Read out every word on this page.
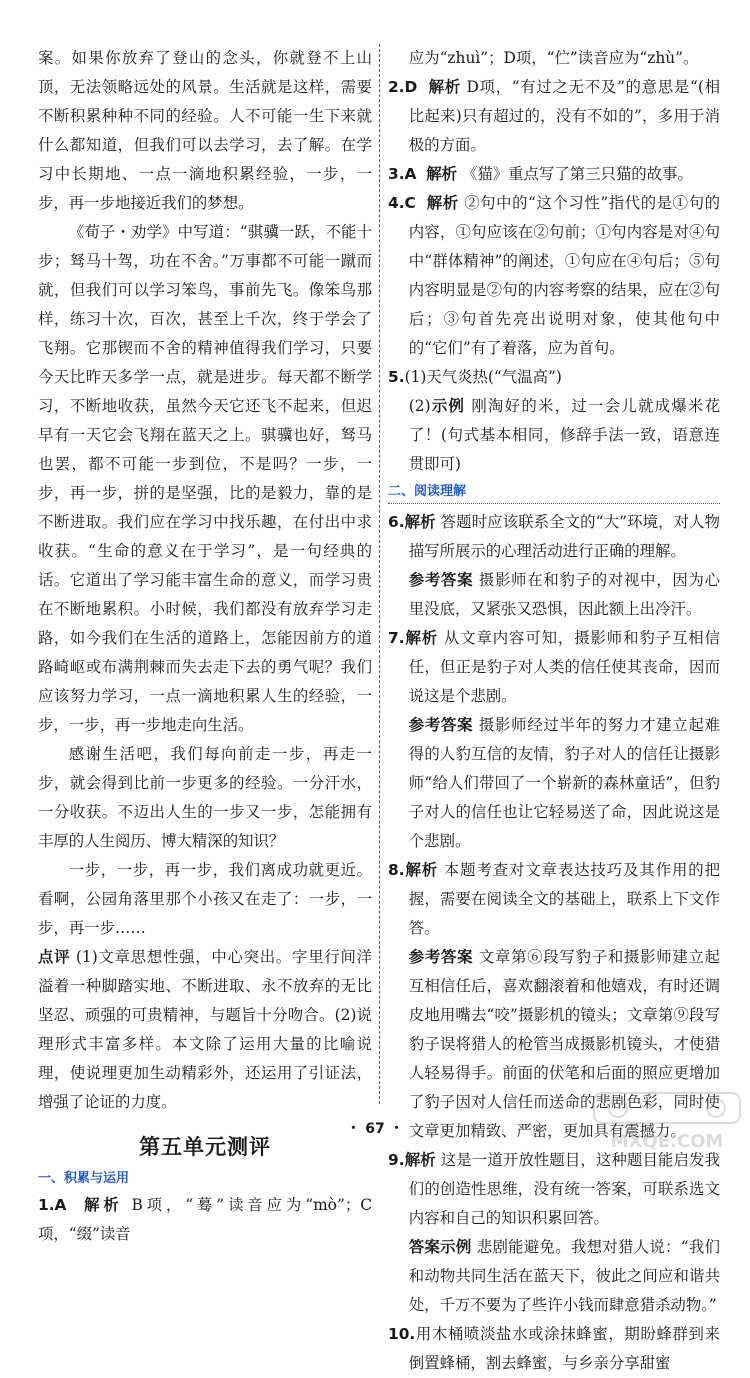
案。如果你放弃了登山的念头，你就登不上山顶，无法领略远处的风景。生活就是这样，需要不断积累种种不同的经验。人不可能一生下来就什么都知道，但我们可以去学习，去了解。在学习中长期地、一点一滴地积累经验，一步，一步，再一步地接近我们的梦想。

《荀子・劝学》中写道：“骐骥一跃，不能十步；驽马十驾，功在不舍。”万事都不可能一蹴而就，但我们可以学习笨鸟，事前先飞。像笨鸟那样，练习十次，百次，甚至上千次，终于学会了飞翔。它那锲而不舍的精神值得我们学习，只要今天比昨天多学一点，就是进步。每天都不断学习，不断地收获，虽然今天它还飞不起来，但迟早有一天它会飞翔在蓝天之上。骐骥也好，驽马也罢，都不可能一步到位，不是吗？一步，一步，再一步，拼的是坚强，比的是毅力，靠的是不断进取。我们应在学习中找乐趣，在付出中求收获。“生命的意义在于学习”，是一句经典的话。它道出了学习能丰富生命的意义，而学习贵在不断地累积。小时候，我们都没有放弃学习走路，如今我们在生活的道路上，怎能因前方的道路崎岖或布满荆棘而失去走下去的勇气呢？我们应该努力学习，一点一滴地积累人生的经验，一步，一步，再一步地走向生活。

感谢生活吧，我们每向前走一步，再走一步，就会得到比前一步更多的经验。一分汗水，一分收获。不迈出人生的一步又一步，怎能拥有丰厚的人生阅历、博大精深的知识？

一步，一步，再一步，我们离成功就更近。看啊，公园角落里那个小孩又在走了：一步，一步，再一步……

点评 (1)文章思想性强，中心突出。字里行间洋溢着一种脚踏实地、不断进取、永不放弃的无比坚忍、顽强的可贵精神，与题旨十分吻合。(2)说理形式丰富多样。本文除了运用大量的比喻说理，使说理更加生动精彩外，还运用了引证法，增强了论证的力度。

第五单元测评
一、积累与运用

1.A 解析 B项，“蓦”读音应为“mò”；C项，“缀”读音

应为“zhuì”；D项，“伫”读音应为“zhù”。

2.D 解析 D项，“有过之无不及”的意思是“(相比起来)只有超过的，没有不如的”，多用于消极的方面。

3.A 解析 《猫》重点写了第三只猫的故事。

4.C 解析 ②句中的“这个习性”指代的是①句的内容，①句应该在②句前；①句内容是对④句中“群体精神”的阐述，①句应在④句后；⑤句内容明显是②句的内容考察的结果，应在②句后；③句首先亮出说明对象，使其他句中的“它们”有了着落，应为首句。

5.(1)天气炎热(“气温高”)

(2)示例 刚淘好的米，过一会儿就成爆米花了！(句式基本相同，修辞手法一致，语意连贯即可)

二、阅读理解

6.解析 答题时应该联系全文的“大”环境，对人物描写所展示的心理活动进行正确的理解。

参考答案 摄影师在和豹子的对视中，因为心里没底，又紧张又恐惧，因此额上出冷汗。

7.解析 从文章内容可知，摄影师和豹子互相信任，但正是豹子对人类的信任使其丧命，因而说这是个悲剧。

参考答案 摄影师经过半年的努力才建立起难得的人豹互信的友情，豹子对人的信任让摄影师“给人们带回了一个崭新的森林童话”，但豹子对人的信任也让它轻易送了命，因此说这是个悲剧。

8.解析 本题考查对文章表达技巧及其作用的把握，需要在阅读全文的基础上，联系上下文作答。

参考答案 文章第⑥段写豹子和摄影师建立起互相信任后，喜欢翻滚着和他嬉戏，有时还调皮地用嘴去“咬”摄影机的镜头；文章第⑨段写豹子误将猎人的枪管当成摄影机镜头，才使猎人轻易得手。前面的伏笔和后面的照应更增加了豹子因对人信任而送命的悲剧色彩，同时使文章更加精致、严密，更加具有震撼力。

9.解析 这是一道开放性题目，这种题目能启发我们的创造性思维，没有统一答案，可联系选文内容和自己的知识积累回答。

答案示例 悲剧能避免。我想对猎人说：“我们和动物共同生活在蓝天下，彼此之间应和谐共处，千万不要为了些许小钱而肆意猎杀动物。”

10.用木桶喷淡盐水或涂抹蜂蜜，期盼蜂群到来　倒置蜂桶，割去蜂蜜，与乡亲分享甜蜜

・ 67 ・
MXQE.COM
